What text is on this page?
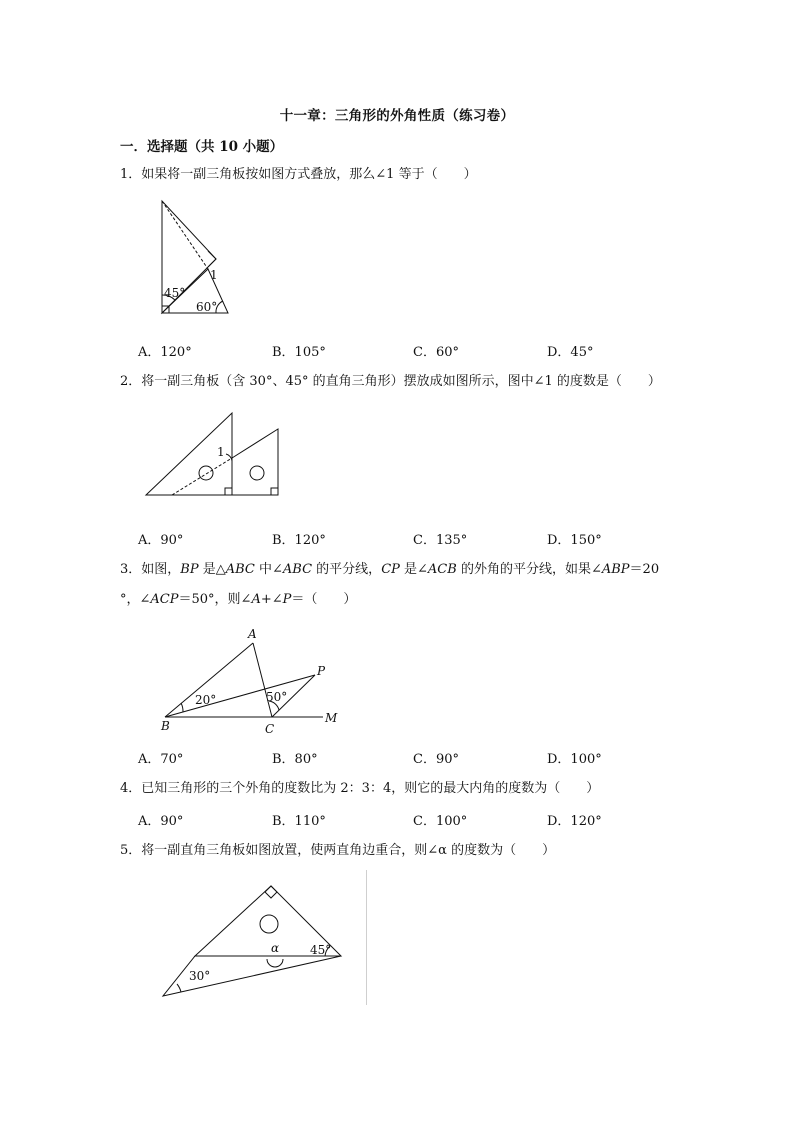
十一章：三角形的外角性质（练习卷）
一．选择题（共 10 小题）
1．如果将一副三角板按如图方式叠放，那么∠1 等于（　　）
45°
60°
1
A．120°	B．105°	C．60°	D．45°
2．将一副三角板（含 30°、45° 的直角三角形）摆放成如图所示，图中∠1 的度数是（　　）
1
A．90°	B．120°	C．135°	D．150°
3．如图，BP 是△ABC 中∠ABC 的平分线，CP 是∠ACB 的外角的平分线，如果∠ABP＝20
°，∠ACP＝50°，则∠A+∠P＝（　　）
A
B	C
P
M
20°	50°
A．70°	B．80°	C．90°	D．100°
4．已知三角形的三个外角的度数比为 2：3：4，则它的最大内角的度数为（　　）
A．90°	B．110°	C．100°	D．120°
5．将一副直角三角板如图放置，使两直角边重合，则∠α 的度数为（　　）
α
30°
45°
